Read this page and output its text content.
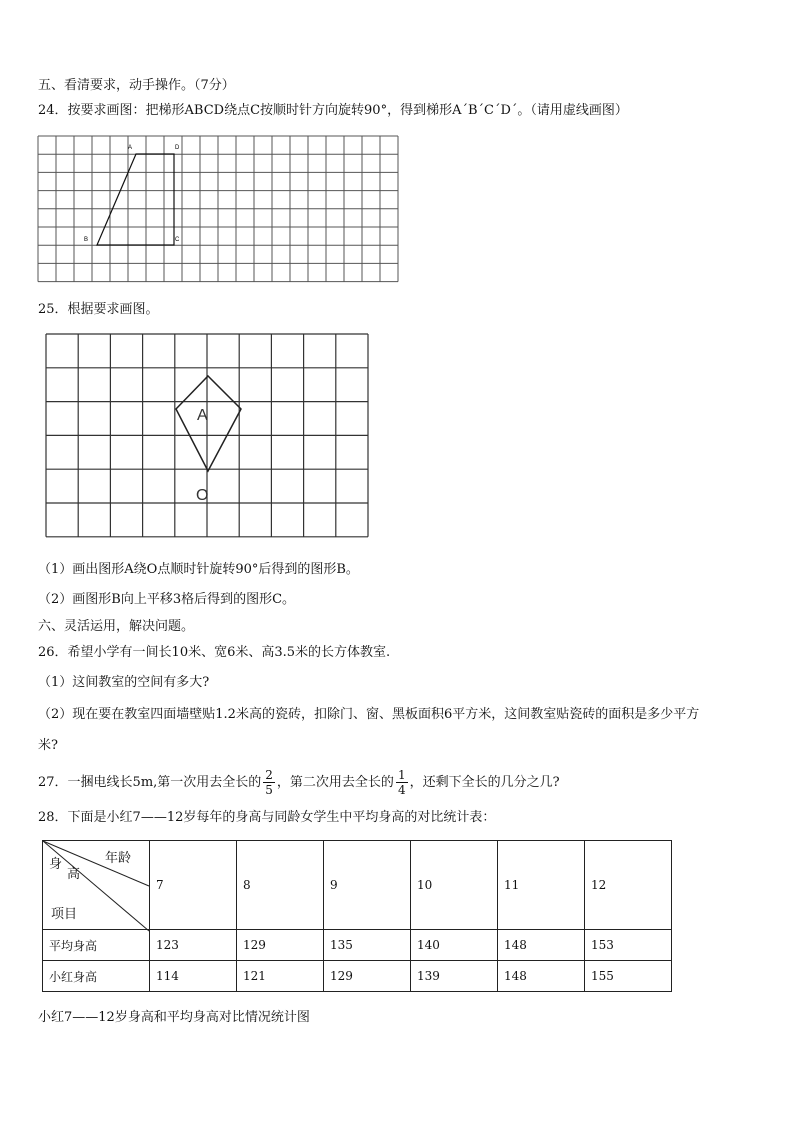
五、看清要求，动手操作。（7分）
24．按要求画图：把梯形ABCD绕点C按顺时针方向旋转90°，得到梯形A´B´C´D´。（请用虚线画图）
A	D
B	C
25．根据要求画图。
A
O
（1）画出图形A绕O点顺时针旋转90°后得到的图形B。
（2）画图形B向上平移3格后得到的图形C。
六、灵活运用，解决问题。
26．希望小学有一间长10米、宽6米、高3.5米的长方体教室.
（1）这间教室的空间有多大?
（2）现在要在教室四面墙壁贴1.2米高的瓷砖，扣除门、窗、黑板面积6平方米，这间教室贴瓷砖的面积是多少平方
米?
27．一捆电线长5m,第一次用去全长的 $\frac{2}{5}$ ，第二次用去全长的 $\frac{1}{4}$ ，还剩下全长的几分之几?
28．下面是小红7——12岁每年的身高与同龄女学生中平均身高的对比统计表：
身
高
年龄
项目	7	8	9	10	11	12
平均身高	123	129	135	140	148	153
小红身高	114	121	129	139	148	155
小红7——12岁身高和平均身高对比情况统计图
